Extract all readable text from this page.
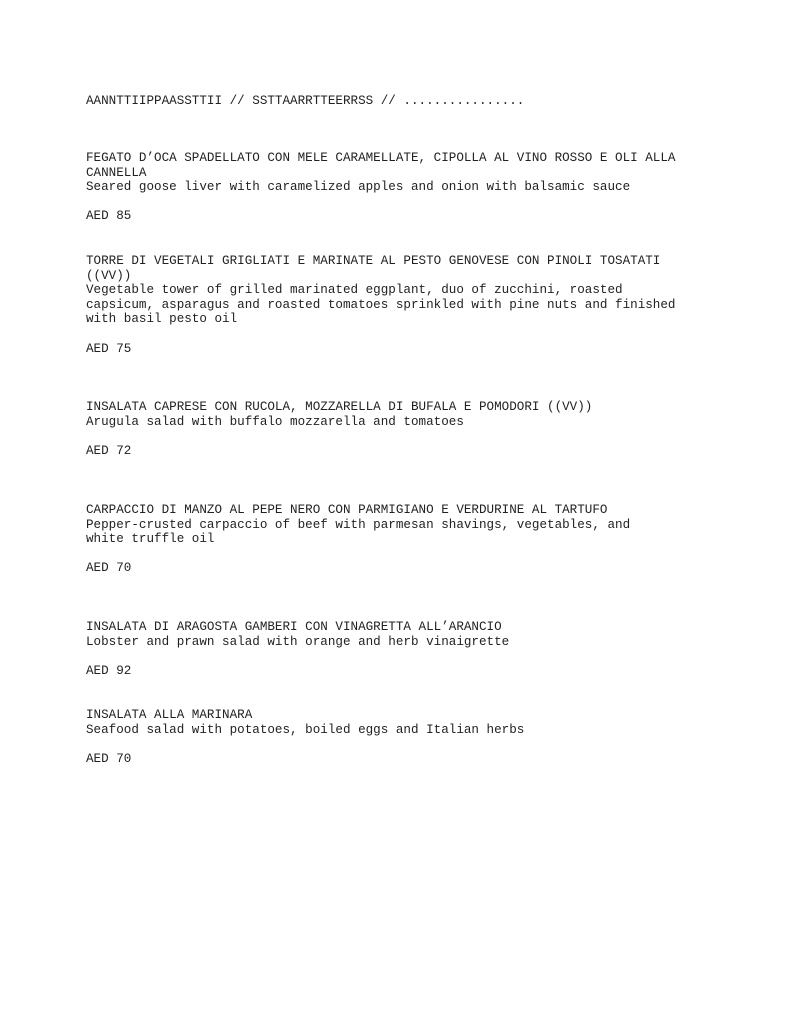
AANNTTIIPPAASSTTII // SSTTAARRTTEERRSS // ................
FEGATO D’OCA SPADELLATO CON MELE CARAMELLATE, CIPOLLA AL VINO ROSSO E OLI ALLA
CANNELLA
Seared goose liver with caramelized apples and onion with balsamic sauce
AED 85
TORRE DI VEGETALI GRIGLIATI E MARINATE AL PESTO GENOVESE CON PINOLI TOSATATI
((VV))
Vegetable tower of grilled marinated eggplant, duo of zucchini, roasted
capsicum, asparagus and roasted tomatoes sprinkled with pine nuts and finished
with basil pesto oil
AED 75
INSALATA CAPRESE CON RUCOLA, MOZZARELLA DI BUFALA E POMODORI ((VV))
Arugula salad with buffalo mozzarella and tomatoes
AED 72
CARPACCIO DI MANZO AL PEPE NERO CON PARMIGIANO E VERDURINE AL TARTUFO
Pepper-crusted carpaccio of beef with parmesan shavings, vegetables, and
white truffle oil
AED 70
INSALATA DI ARAGOSTA GAMBERI CON VINAGRETTA ALL’ARANCIO
Lobster and prawn salad with orange and herb vinaigrette
AED 92
INSALATA ALLA MARINARA
Seafood salad with potatoes, boiled eggs and Italian herbs
AED 70
